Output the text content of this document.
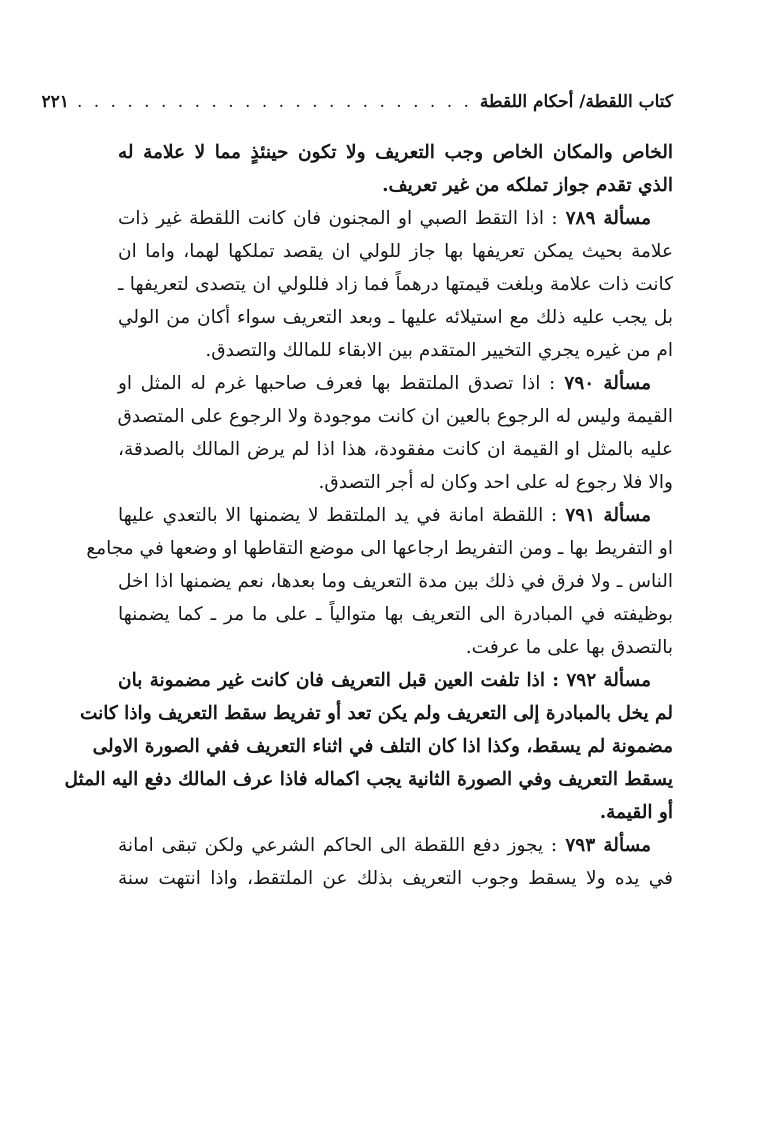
كتاب اللقطة/ أحكام اللقطة
. . . . . . . . . . . . . . . . . . . . . . . .
٢٢١
الخاص والمكان الخاص وجب التعريف ولا تكون حينئذٍ مما لا علامة له
الذي تقدم جواز تملكه من غير تعريف.
مسألة ٧٨٩ : اذا التقط الصبي او المجنون فان كانت اللقطة غير ذات
علامة بحيث يمكن تعريفها بها جاز للولي ان يقصد تملكها لهما، واما ان
كانت ذات علامة وبلغت قيمتها درهماً فما زاد فللولي ان يتصدى لتعريفها ـ
بل يجب عليه ذلك مع استيلائه عليها ـ وبعد التعريف سواء أكان من الولي
ام من غيره يجري التخيير المتقدم بين الابقاء للمالك والتصدق.
مسألة ٧٩٠ : اذا تصدق الملتقط بها فعرف صاحبها غرم له المثل او
القيمة وليس له الرجوع بالعين ان كانت موجودة ولا الرجوع على المتصدق
عليه بالمثل او القيمة ان كانت مفقودة، هذا اذا لم يرض المالك بالصدقة،
والا فلا رجوع له على احد وكان له أجر التصدق.
مسألة ٧٩١ : اللقطة امانة في يد الملتقط لا يضمنها الا بالتعدي عليها
او التفريط بها ـ ومن التفريط ارجاعها الى موضع التقاطها او وضعها في مجامع
الناس ـ ولا فرق في ذلك بين مدة التعريف وما بعدها، نعم يضمنها اذا اخل
بوظيفته في المبادرة الى التعريف بها متوالياً ـ على ما مر ـ كما يضمنها
بالتصدق بها على ما عرفت.
مسألة ٧٩٢ : اذا تلفت العين قبل التعريف فان كانت غير مضمونة بان
لم يخل بالمبادرة إلى التعريف ولم يكن تعد أو تفريط سقط التعريف واذا كانت
مضمونة لم يسقط، وكذا اذا كان التلف في اثناء التعريف ففي الصورة الاولى
يسقط التعريف وفي الصورة الثانية يجب اكماله فاذا عرف المالك دفع اليه المثل
أو القيمة.
مسألة ٧٩٣ : يجوز دفع اللقطة الى الحاكم الشرعي ولكن تبقى امانة
في يده ولا يسقط وجوب التعريف بذلك عن الملتقط، واذا انتهت سنة
